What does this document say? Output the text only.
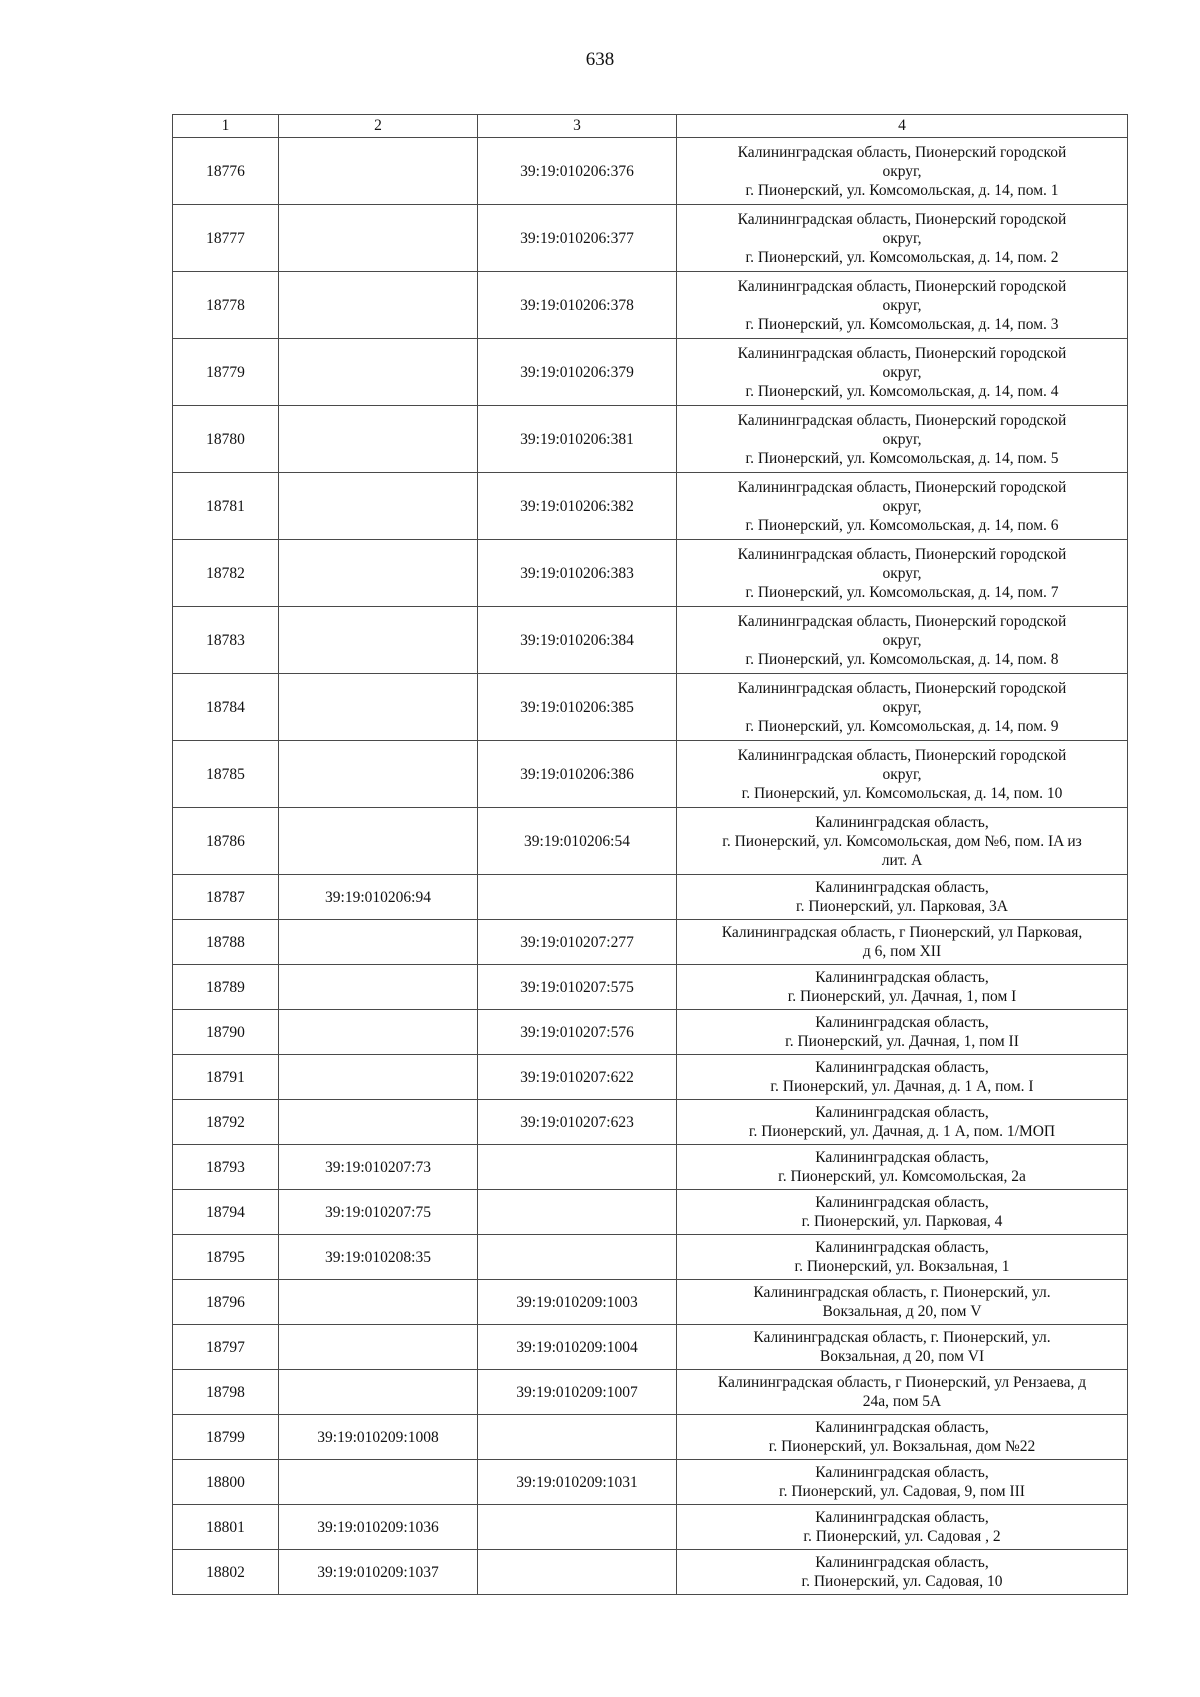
638
1	2	3	4
18776		39:19:010206:376	Калининградская область, Пионерский городской
округ,
г. Пионерский, ул. Комсомольская, д. 14, пом. 1
18777		39:19:010206:377	Калининградская область, Пионерский городской
округ,
г. Пионерский, ул. Комсомольская, д. 14, пом. 2
18778		39:19:010206:378	Калининградская область, Пионерский городской
округ,
г. Пионерский, ул. Комсомольская, д. 14, пом. 3
18779		39:19:010206:379	Калининградская область, Пионерский городской
округ,
г. Пионерский, ул. Комсомольская, д. 14, пом. 4
18780		39:19:010206:381	Калининградская область, Пионерский городской
округ,
г. Пионерский, ул. Комсомольская, д. 14, пом. 5
18781		39:19:010206:382	Калининградская область, Пионерский городской
округ,
г. Пионерский, ул. Комсомольская, д. 14, пом. 6
18782		39:19:010206:383	Калининградская область, Пионерский городской
округ,
г. Пионерский, ул. Комсомольская, д. 14, пом. 7
18783		39:19:010206:384	Калининградская область, Пионерский городской
округ,
г. Пионерский, ул. Комсомольская, д. 14, пом. 8
18784		39:19:010206:385	Калининградская область, Пионерский городской
округ,
г. Пионерский, ул. Комсомольская, д. 14, пом. 9
18785		39:19:010206:386	Калининградская область, Пионерский городской
округ,
г. Пионерский, ул. Комсомольская, д. 14, пом. 10
18786		39:19:010206:54	Калининградская область,
г. Пионерский, ул. Комсомольская, дом №6, пом. IA из
лит. А
18787	39:19:010206:94		Калининградская область,
г. Пионерский, ул. Парковая, 3А
18788		39:19:010207:277	Калининградская область, г Пионерский, ул Парковая,
д 6, пом XII
18789		39:19:010207:575	Калининградская область,
г. Пионерский, ул. Дачная, 1, пом I
18790		39:19:010207:576	Калининградская область,
г. Пионерский, ул. Дачная, 1, пом II
18791		39:19:010207:622	Калининградская область,
г. Пионерский, ул. Дачная, д. 1 А, пом. I
18792		39:19:010207:623	Калининградская область,
г. Пионерский, ул. Дачная, д. 1 А, пом. 1/МОП
18793	39:19:010207:73		Калининградская область,
г. Пионерский, ул. Комсомольская, 2а
18794	39:19:010207:75		Калининградская область,
г. Пионерский, ул. Парковая, 4
18795	39:19:010208:35		Калининградская область,
г. Пионерский, ул. Вокзальная, 1
18796		39:19:010209:1003	Калининградская область, г. Пионерский, ул.
Вокзальная, д 20, пом V
18797		39:19:010209:1004	Калининградская область, г. Пионерский, ул.
Вокзальная, д 20, пом VI
18798		39:19:010209:1007	Калининградская область, г Пионерский, ул Рензаева, д
24а, пом 5А
18799	39:19:010209:1008		Калининградская область,
г. Пионерский, ул. Вокзальная, дом №22
18800		39:19:010209:1031	Калининградская область,
г. Пионерский, ул. Садовая, 9, пом III
18801	39:19:010209:1036		Калининградская область,
г. Пионерский, ул. Садовая , 2
18802	39:19:010209:1037		Калининградская область,
г. Пионерский, ул. Садовая, 10
